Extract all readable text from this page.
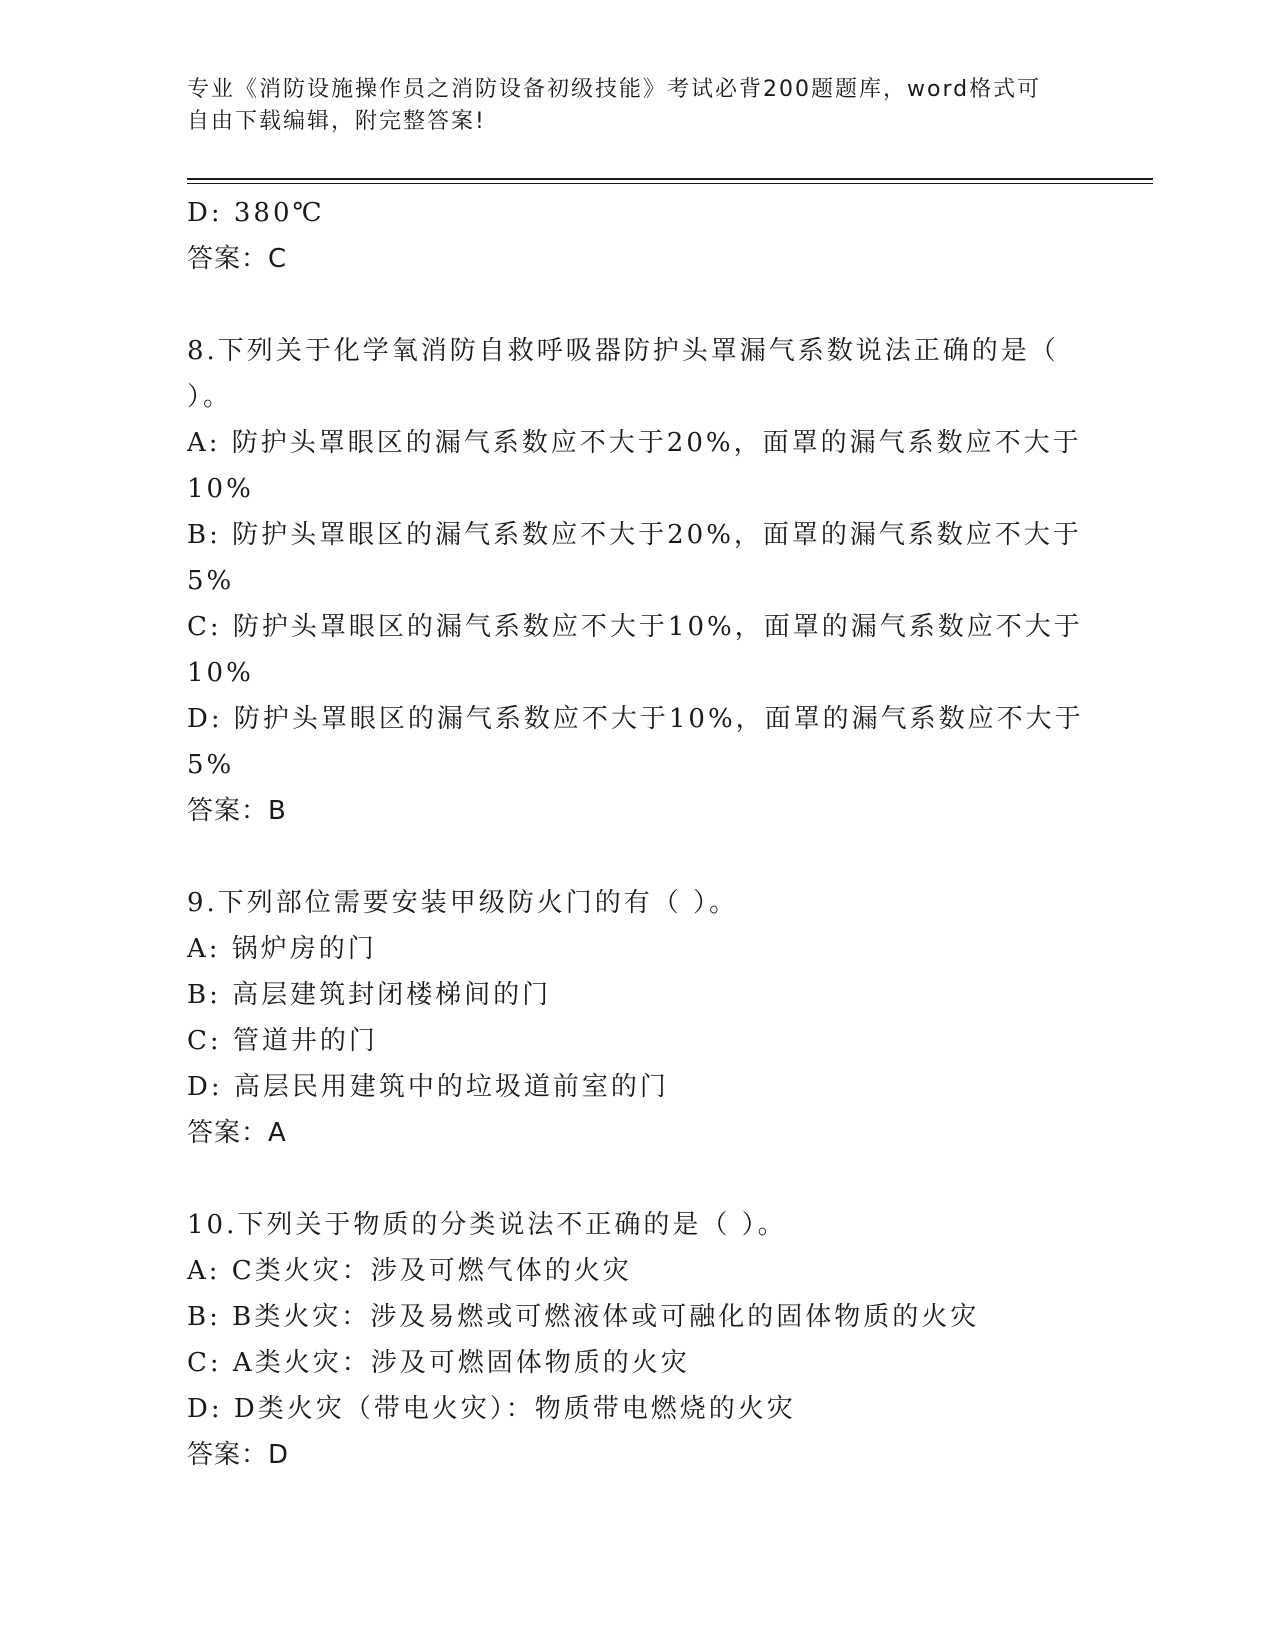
专业《消防设施操作员之消防设备初级技能》考试必背200题题库，word格式可
自由下载编辑，附完整答案!
D: 380℃
答案：C
8.下列关于化学氧消防自救呼吸器防护头罩漏气系数说法正确的是（
）。
A: 防护头罩眼区的漏气系数应不大于20%，面罩的漏气系数应不大于
10%
B: 防护头罩眼区的漏气系数应不大于20%，面罩的漏气系数应不大于
5%
C: 防护头罩眼区的漏气系数应不大于10%，面罩的漏气系数应不大于
10%
D: 防护头罩眼区的漏气系数应不大于10%，面罩的漏气系数应不大于
5%
答案：B
9.下列部位需要安装甲级防火门的有（ ）。
A: 锅炉房的门
B: 高层建筑封闭楼梯间的门
C: 管道井的门
D: 高层民用建筑中的垃圾道前室的门
答案：A
10.下列关于物质的分类说法不正确的是（ ）。
A: C类火灾：涉及可燃气体的火灾
B: B类火灾：涉及易燃或可燃液体或可融化的固体物质的火灾
C: A类火灾：涉及可燃固体物质的火灾
D: D类火灾（带电火灾）：物质带电燃烧的火灾
答案：D
